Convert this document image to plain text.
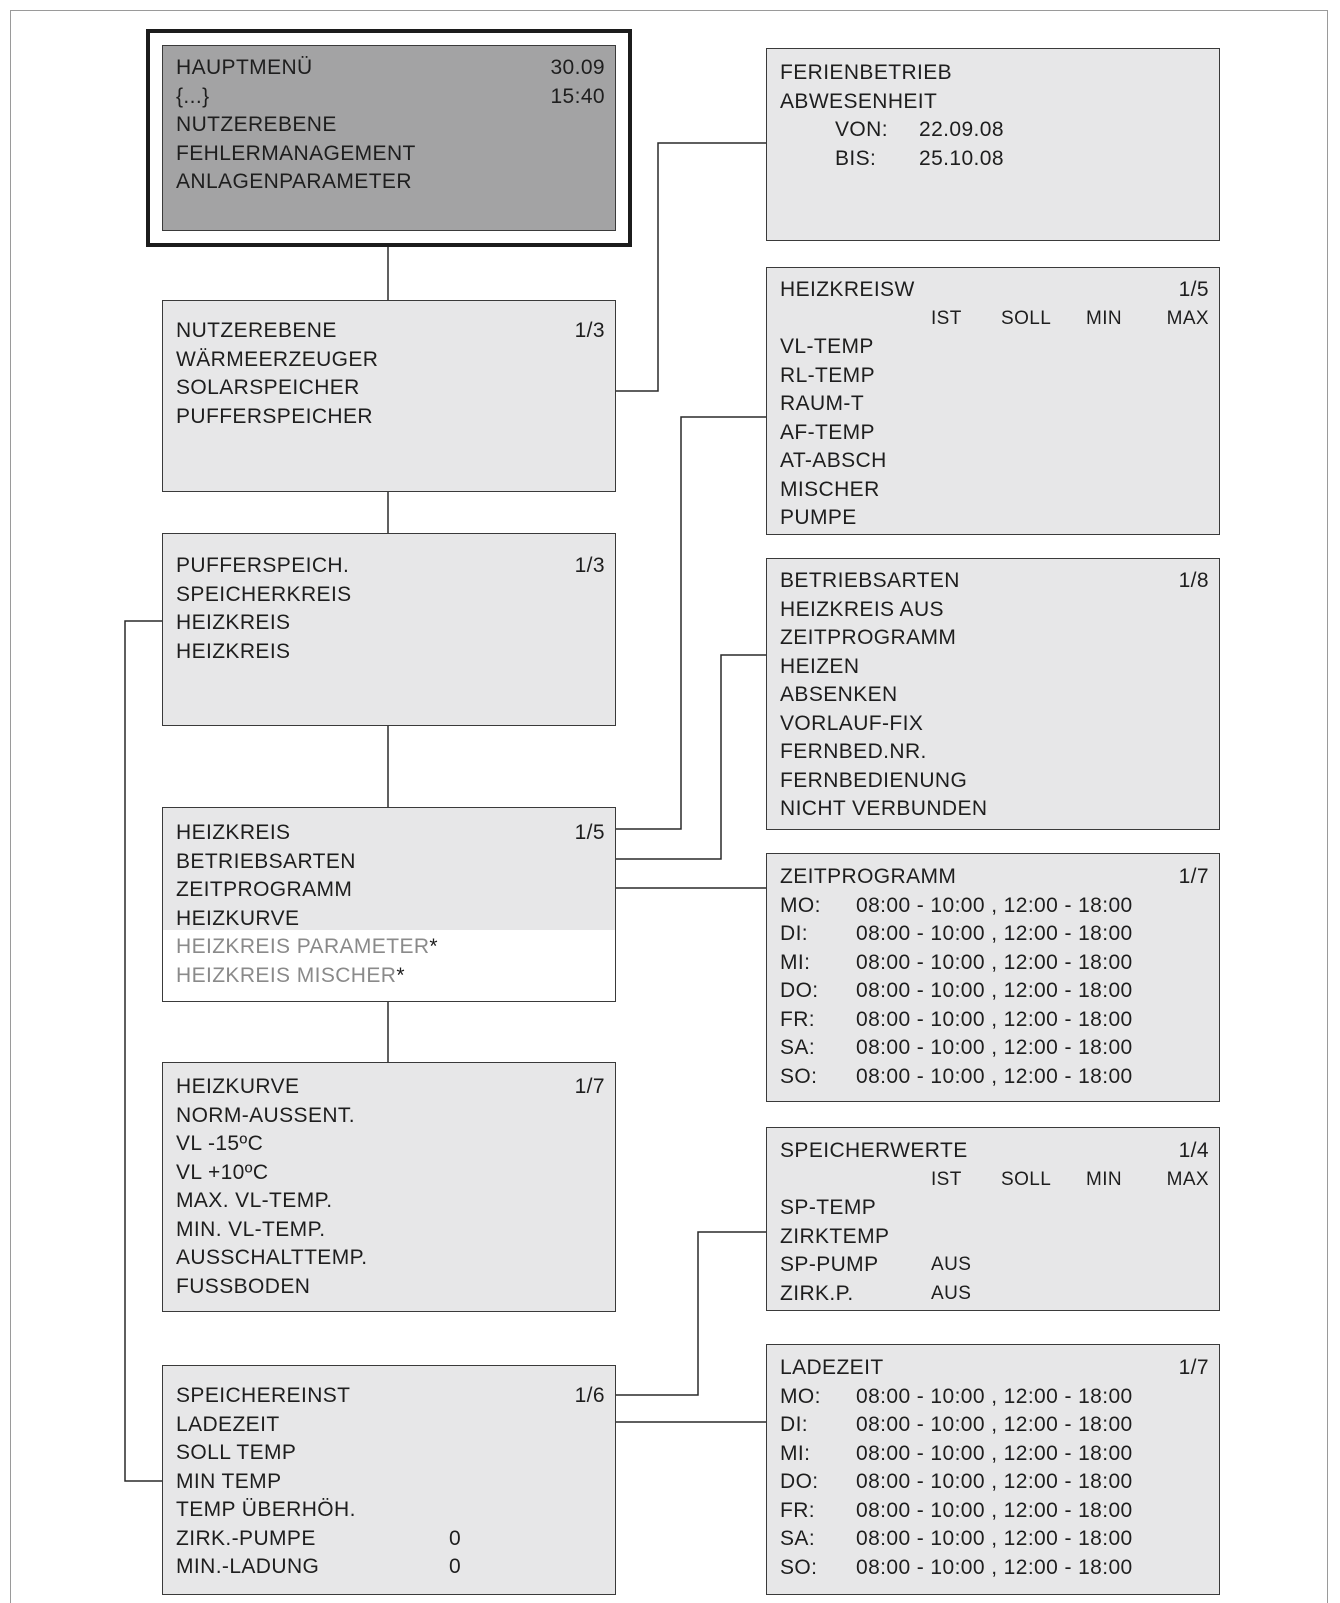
HAUPTMENÜ	30.09
{...}	15:40
NUTZEREBENE
FEHLERMANAGEMENT
ANLAGENPARAMETER
NUTZEREBENE	1/3
WÄRMEERZEUGER
SOLARSPEICHER
PUFFERSPEICHER
PUFFERSPEICH.	1/3
SPEICHERKREIS
HEIZKREIS
HEIZKREIS
HEIZKREIS	1/5
BETRIEBSARTEN
ZEITPROGRAMM
HEIZKURVE
HEIZKREIS PARAMETER*
HEIZKREIS MISCHER*
HEIZKURVE	1/7
NORM-AUSSENT.
VL -15ºC
VL +10ºC
MAX. VL-TEMP.
MIN. VL-TEMP.
AUSSCHALTTEMP.
FUSSBODEN
SPEICHEREINST	1/6
LADEZEIT
SOLL TEMP
MIN TEMP
TEMP ÜBERHÖH.
ZIRK.-PUMPE	0
MIN.-LADUNG	0
FERIENBETRIEB
ABWESENHEIT
VON: 22.09.08
BIS: 25.10.08
HEIZKREISW	1/5
IST SOLL MIN MAX
VL-TEMP
RL-TEMP
RAUM-T
AF-TEMP
AT-ABSCH
MISCHER
PUMPE
BETRIEBSARTEN	1/8
HEIZKREIS AUS
ZEITPROGRAMM
HEIZEN
ABSENKEN
VORLAUF-FIX
FERNBED.NR.
FERNBEDIENUNG
NICHT VERBUNDEN
ZEITPROGRAMM	1/7
MO: 08:00 - 10:00 , 12:00 - 18:00
DI: 08:00 - 10:00 , 12:00 - 18:00
MI: 08:00 - 10:00 , 12:00 - 18:00
DO: 08:00 - 10:00 , 12:00 - 18:00
FR: 08:00 - 10:00 , 12:00 - 18:00
SA: 08:00 - 10:00 , 12:00 - 18:00
SO: 08:00 - 10:00 , 12:00 - 18:00
SPEICHERWERTE	1/4
IST SOLL MIN MAX
SP-TEMP
ZIRKTEMP
SP-PUMP	AUS
ZIRK.P.	AUS
LADEZEIT	1/7
MO: 08:00 - 10:00 , 12:00 - 18:00
DI: 08:00 - 10:00 , 12:00 - 18:00
MI: 08:00 - 10:00 , 12:00 - 18:00
DO: 08:00 - 10:00 , 12:00 - 18:00
FR: 08:00 - 10:00 , 12:00 - 18:00
SA: 08:00 - 10:00 , 12:00 - 18:00
SO: 08:00 - 10:00 , 12:00 - 18:00
